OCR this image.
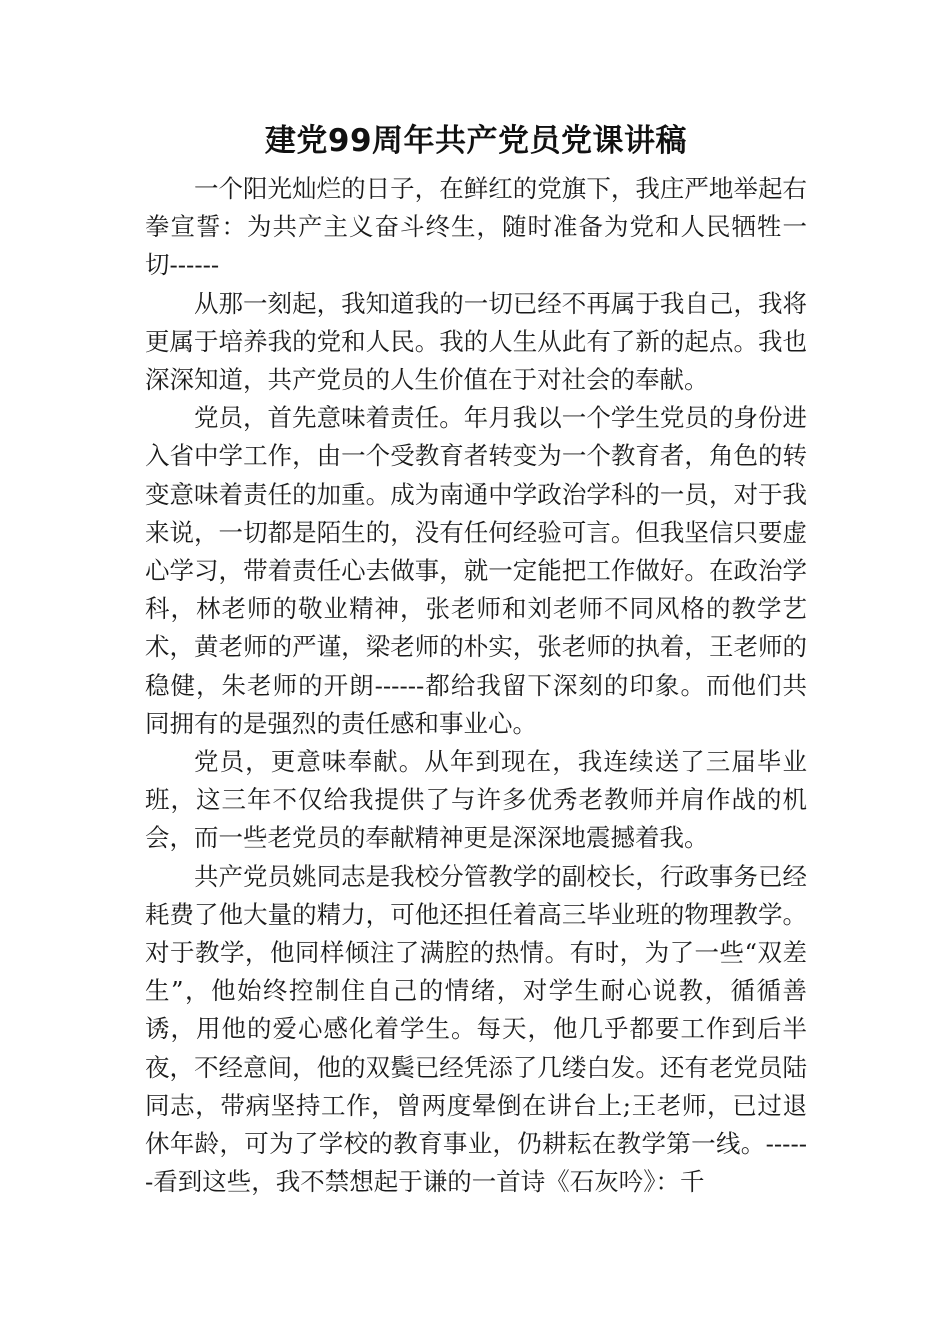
建党99周年共产党员党课讲稿

一个阳光灿烂的日子，在鲜红的党旗下，我庄严地举起右拳宣誓：为共产主义奋斗终生，随时准备为党和人民牺牲一切------

从那一刻起，我知道我的一切已经不再属于我自己，我将更属于培养我的党和人民。我的人生从此有了新的起点。我也深深知道，共产党员的人生价值在于对社会的奉献。

党员，首先意味着责任。年月我以一个学生党员的身份进入省中学工作，由一个受教育者转变为一个教育者，角色的转变意味着责任的加重。成为南通中学政治学科的一员，对于我来说，一切都是陌生的，没有任何经验可言。但我坚信只要虚心学习，带着责任心去做事，就一定能把工作做好。在政治学科，林老师的敬业精神，张老师和刘老师不同风格的教学艺术，黄老师的严谨，梁老师的朴实，张老师的执着，王老师的稳健，朱老师的开朗------都给我留下深刻的印象。而他们共同拥有的是强烈的责任感和事业心。

党员，更意味奉献。从年到现在，我连续送了三届毕业班，这三年不仅给我提供了与许多优秀老教师并肩作战的机会，而一些老党员的奉献精神更是深深地震撼着我。

共产党员姚同志是我校分管教学的副校长，行政事务已经耗费了他大量的精力，可他还担任着高三毕业班的物理教学。对于教学，他同样倾注了满腔的热情。有时，为了一些“双差生”，他始终控制住自己的情绪，对学生耐心说教，循循善诱，用他的爱心感化着学生。每天，他几乎都要工作到后半夜，不经意间，他的双鬓已经凭添了几缕白发。还有老党员陆同志，带病坚持工作，曾两度晕倒在讲台上;王老师，已过退休年龄，可为了学校的教育事业，仍耕耘在教学第一线。------看到这些，我不禁想起于谦的一首诗《石灰吟》：千
